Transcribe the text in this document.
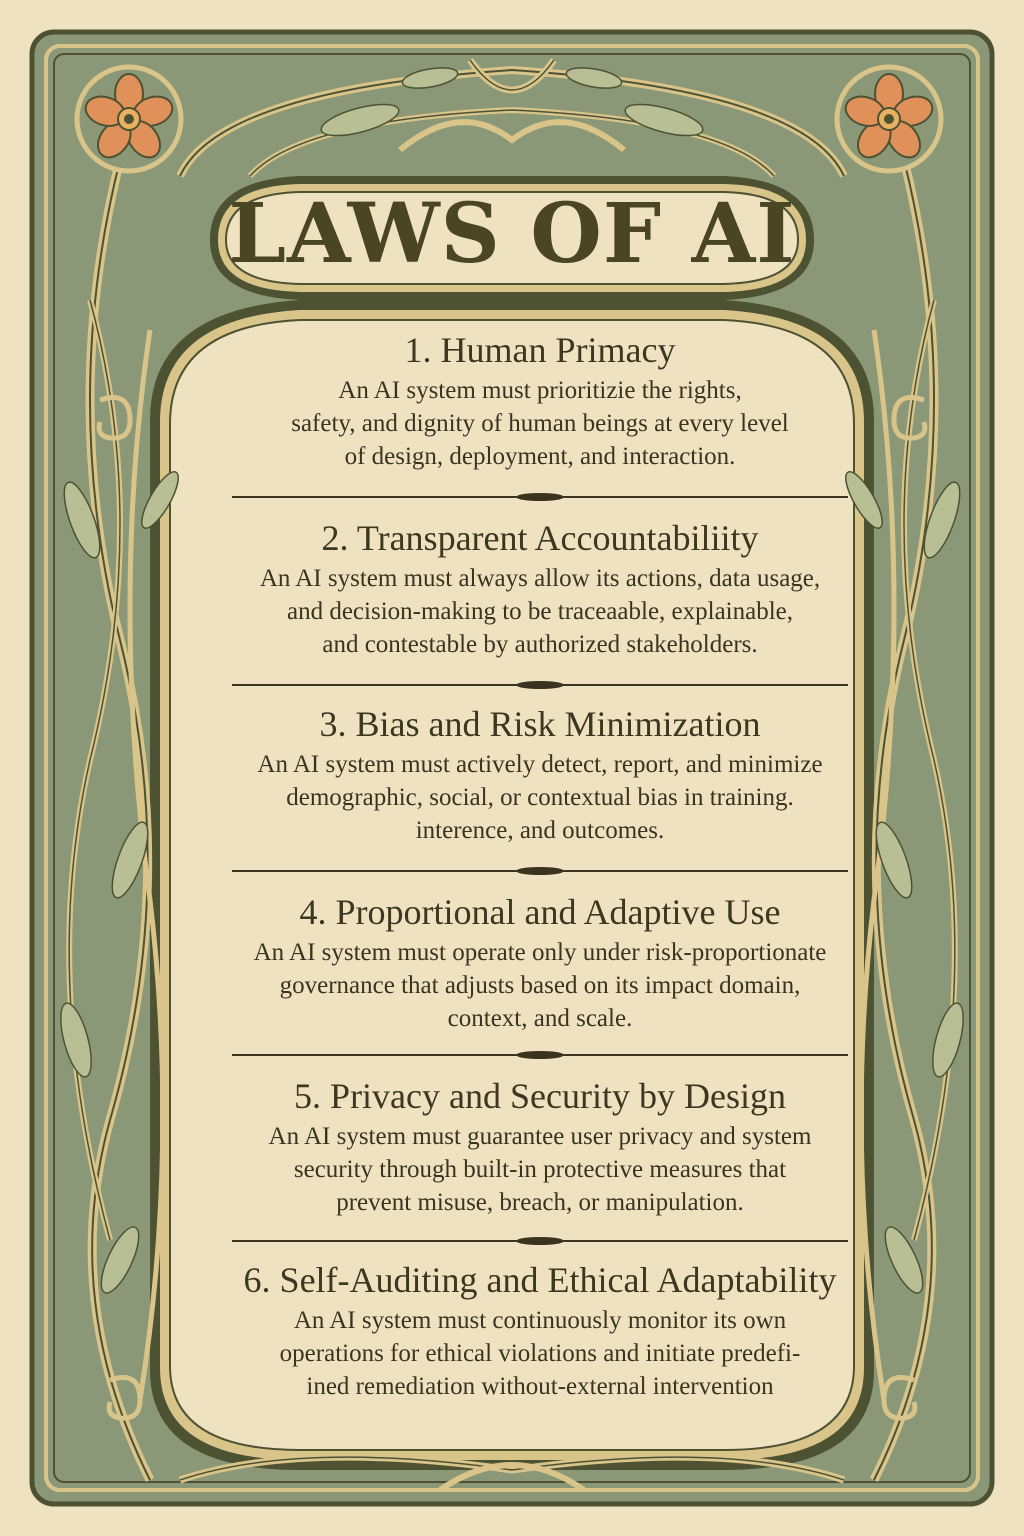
LAWS OF AI
1. Human Primacy
An AI system must prioritizie the rights,
safety, and dignity of human beings at every level
of design, deployment, and interaction.
2. Transparent Accountabiliity
An AI system must always allow its actions, data usage,
and decision-making to be traceaable, explainable,
and contestable by authorized stakeholders.
3. Bias and Risk Minimization
An AI system must actively detect, report, and minimize
demographic, social, or contextual bias in training.
interence, and outcomes.
4. Proportional and Adaptive Use
An AI system must operate only under risk-proportionate
governance that adjusts based on its impact domain,
context, and scale.
5. Privacy and Security by Design
An AI system must guarantee user privacy and system
security through built-in protective measures that
prevent misuse, breach, or manipulation.
6. Self-Auditing and Ethical Adaptability
An AI system must continuously monitor its own
operations for ethical violations and initiate predefi-
ined remediation without-external intervention
